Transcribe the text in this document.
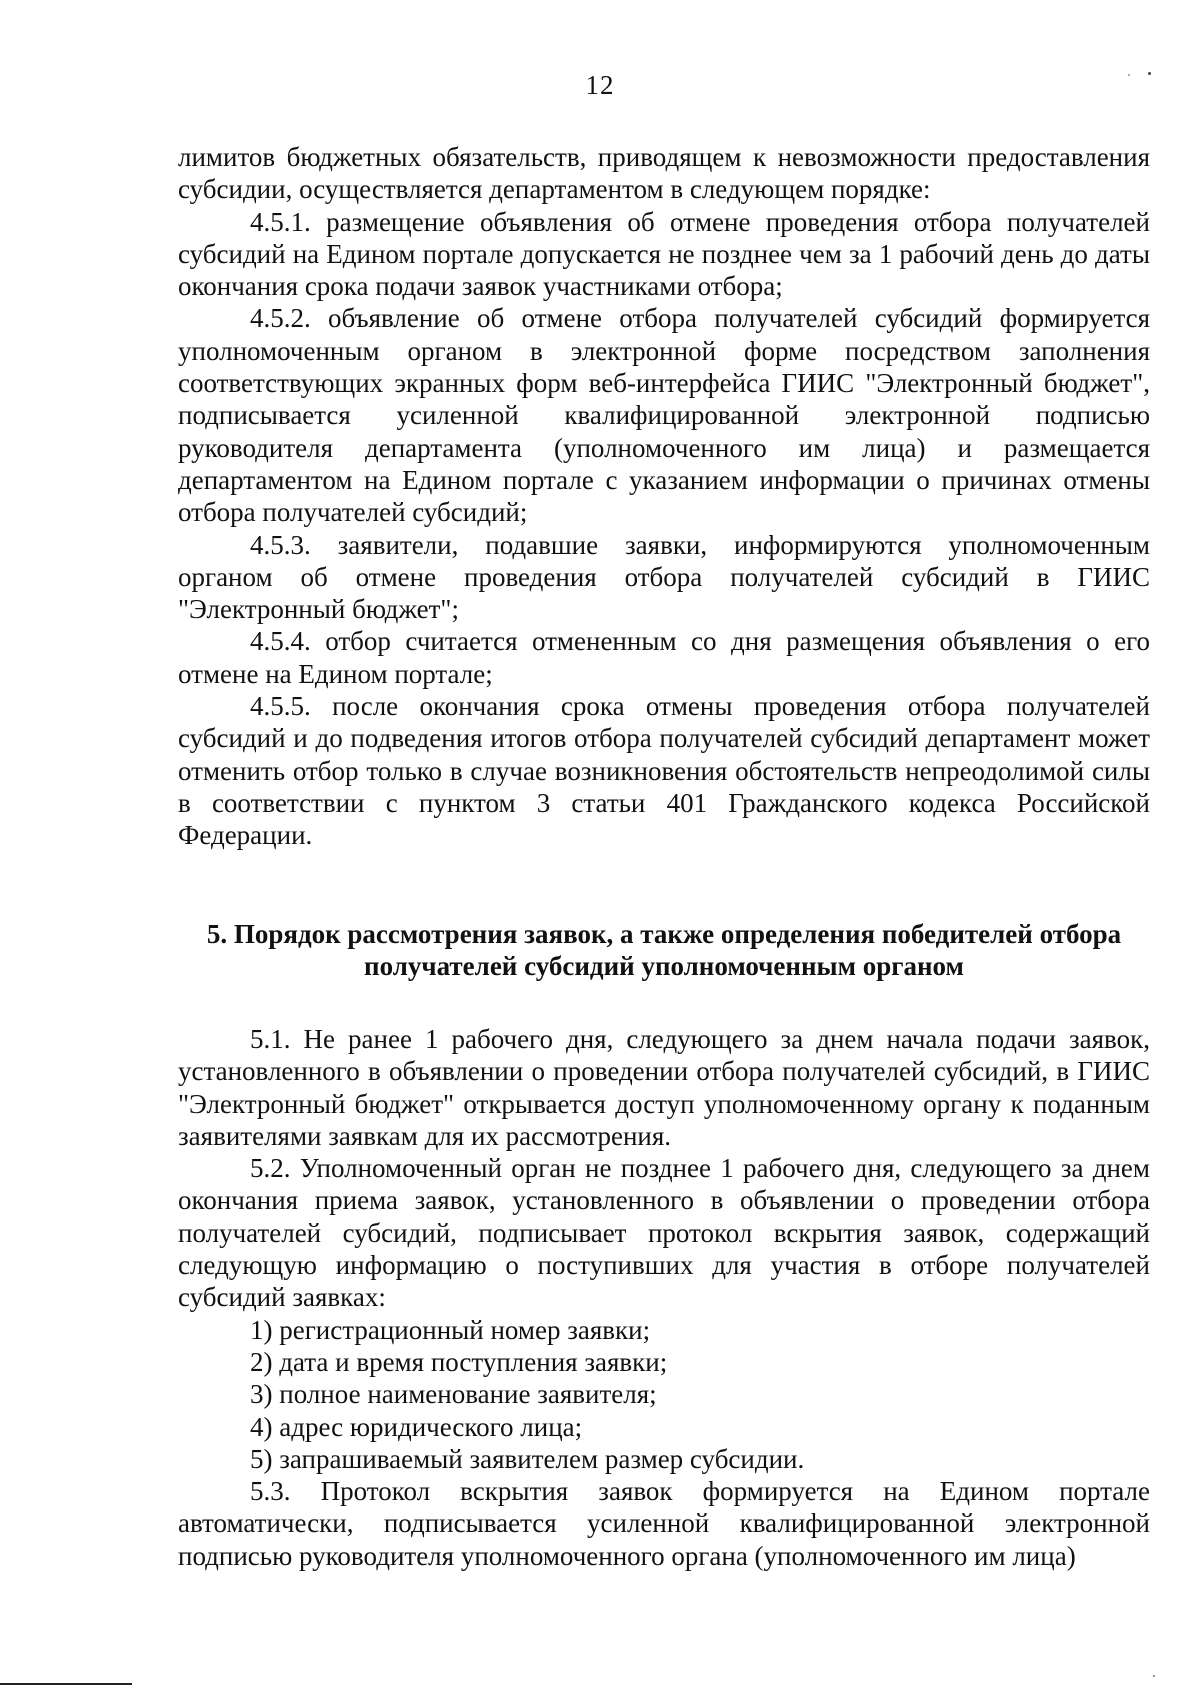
12

лимитов бюджетных обязательств, приводящем к невозможности предоставления субсидии, осуществляется департаментом в следующем порядке:

4.5.1. размещение объявления об отмене проведения отбора получателей субсидий на Едином портале допускается не позднее чем за 1 рабочий день до даты окончания срока подачи заявок участниками отбора;

4.5.2. объявление об отмене отбора получателей субсидий формируется уполномоченным органом в электронной форме посредством заполнения соответствующих экранных форм веб-интерфейса ГИИС "Электронный бюджет", подписывается усиленной квалифицированной электронной подписью руководителя департамента (уполномоченного им лица) и размещается департаментом на Едином портале с указанием информации о причинах отмены отбора получателей субсидий;

4.5.3. заявители, подавшие заявки, информируются уполномоченным органом об отмене проведения отбора получателей субсидий в ГИИС "Электронный бюджет";

4.5.4. отбор считается отмененным со дня размещения объявления о его отмене на Едином портале;

4.5.5. после окончания срока отмены проведения отбора получателей субсидий и до подведения итогов отбора получателей субсидий департамент может отменить отбор только в случае возникновения обстоятельств непреодолимой силы в соответствии с пунктом 3 статьи 401 Гражданского кодекса Российской Федерации.

5. Порядок рассмотрения заявок, а также определения победителей отбора получателей субсидий уполномоченным органом

5.1. Не ранее 1 рабочего дня, следующего за днем начала подачи заявок, установленного в объявлении о проведении отбора получателей субсидий, в ГИИС "Электронный бюджет" открывается доступ уполномоченному органу к поданным заявителями заявкам для их рассмотрения.

5.2. Уполномоченный орган не позднее 1 рабочего дня, следующего за днем окончания приема заявок, установленного в объявлении о проведении отбора получателей субсидий, подписывает протокол вскрытия заявок, содержащий следующую информацию о поступивших для участия в отборе получателей субсидий заявках:

1) регистрационный номер заявки;

2) дата и время поступления заявки;

3) полное наименование заявителя;

4) адрес юридического лица;

5) запрашиваемый заявителем размер субсидии.

5.3. Протокол вскрытия заявок формируется на Едином портале автоматически, подписывается усиленной квалифицированной электронной подписью руководителя уполномоченного органа (уполномоченного им лица)
